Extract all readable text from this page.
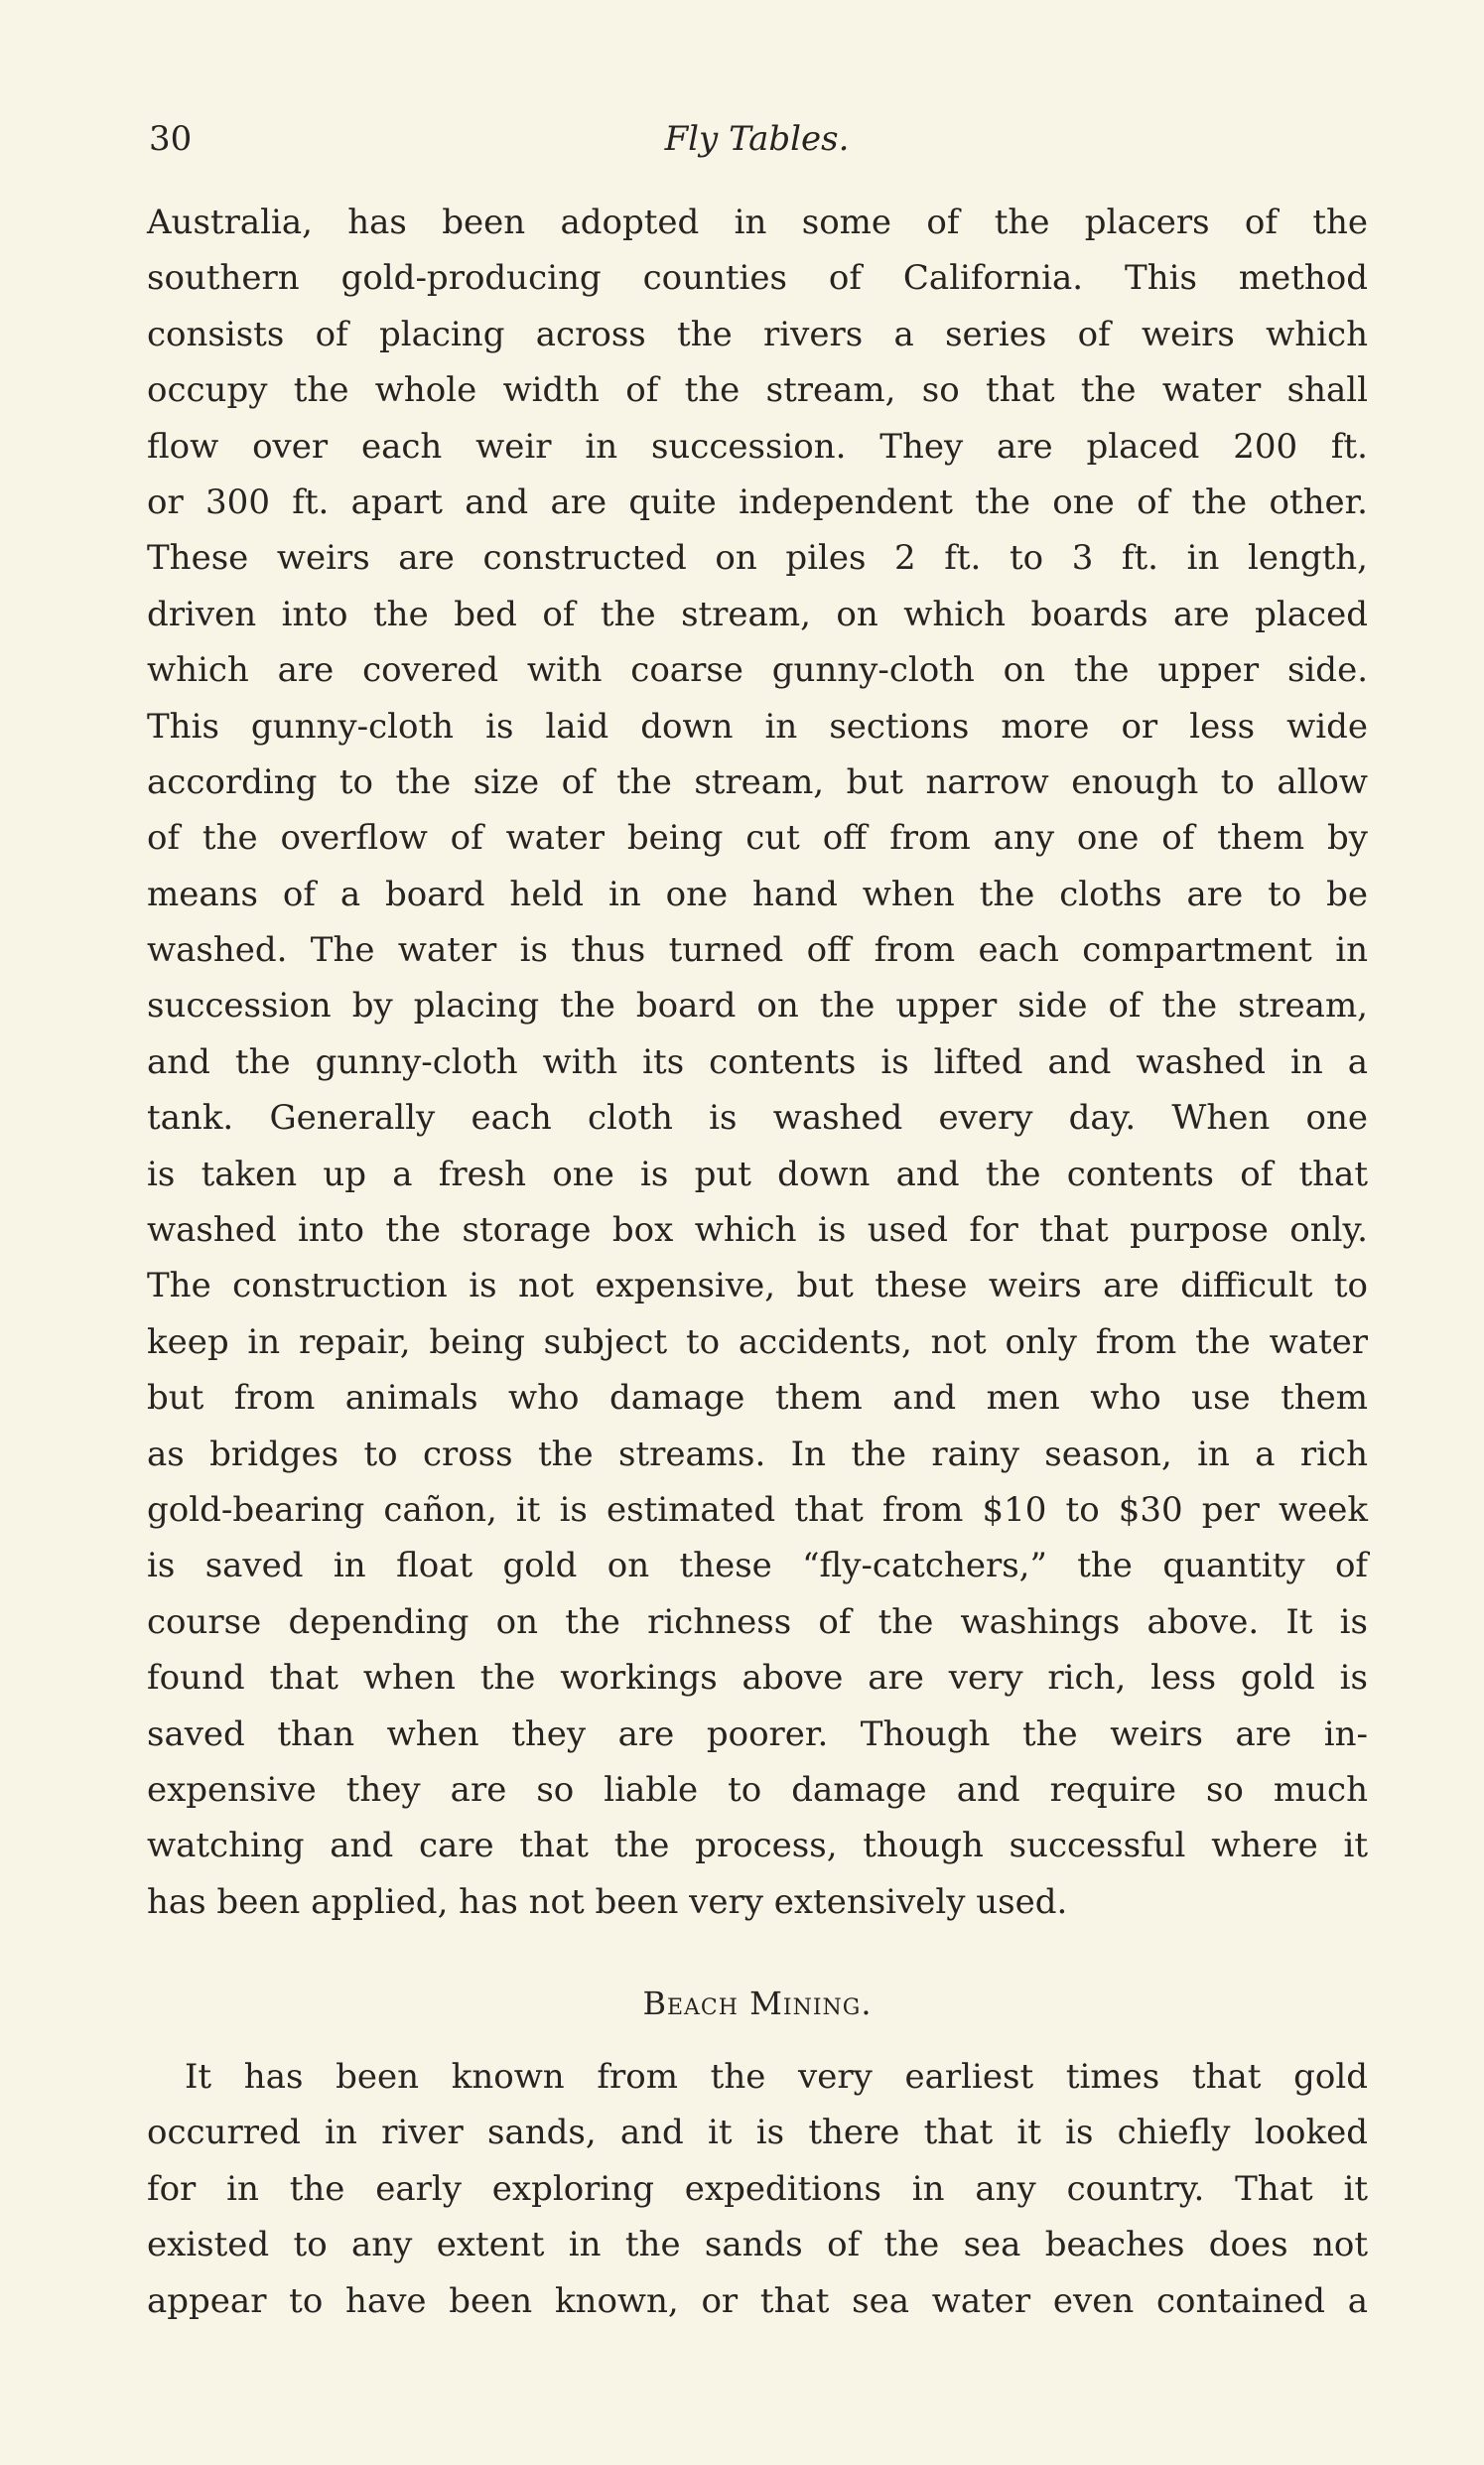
30	Fly Tables.
Australia, has been adopted in some of the placers of the
southern gold-producing counties of California. This method
consists of placing across the rivers a series of weirs which
occupy the whole width of the stream, so that the water shall
flow over each weir in succession. They are placed 200 ft.
or 300 ft. apart and are quite independent the one of the other.
These weirs are constructed on piles 2 ft. to 3 ft. in length,
driven into the bed of the stream, on which boards are placed
which are covered with coarse gunny-cloth on the upper side.
This gunny-cloth is laid down in sections more or less wide
according to the size of the stream, but narrow enough to allow
of the overflow of water being cut off from any one of them by
means of a board held in one hand when the cloths are to be
washed. The water is thus turned off from each compartment in
succession by placing the board on the upper side of the stream,
and the gunny-cloth with its contents is lifted and washed in a
tank. Generally each cloth is washed every day. When one
is taken up a fresh one is put down and the contents of that
washed into the storage box which is used for that purpose only.
The construction is not expensive, but these weirs are difficult to
keep in repair, being subject to accidents, not only from the water
but from animals who damage them and men who use them
as bridges to cross the streams. In the rainy season, in a rich
gold-bearing cañon, it is estimated that from $10 to $30 per week
is saved in float gold on these “fly-catchers,” the quantity of
course depending on the richness of the washings above. It is
found that when the workings above are very rich, less gold is
saved than when they are poorer. Though the weirs are in-
expensive they are so liable to damage and require so much
watching and care that the process, though successful where it
has been applied, has not been very extensively used.
Beach Mining.
It has been known from the very earliest times that gold
occurred in river sands, and it is there that it is chiefly looked
for in the early exploring expeditions in any country. That it
existed to any extent in the sands of the sea beaches does not
appear to have been known, or that sea water even contained a
